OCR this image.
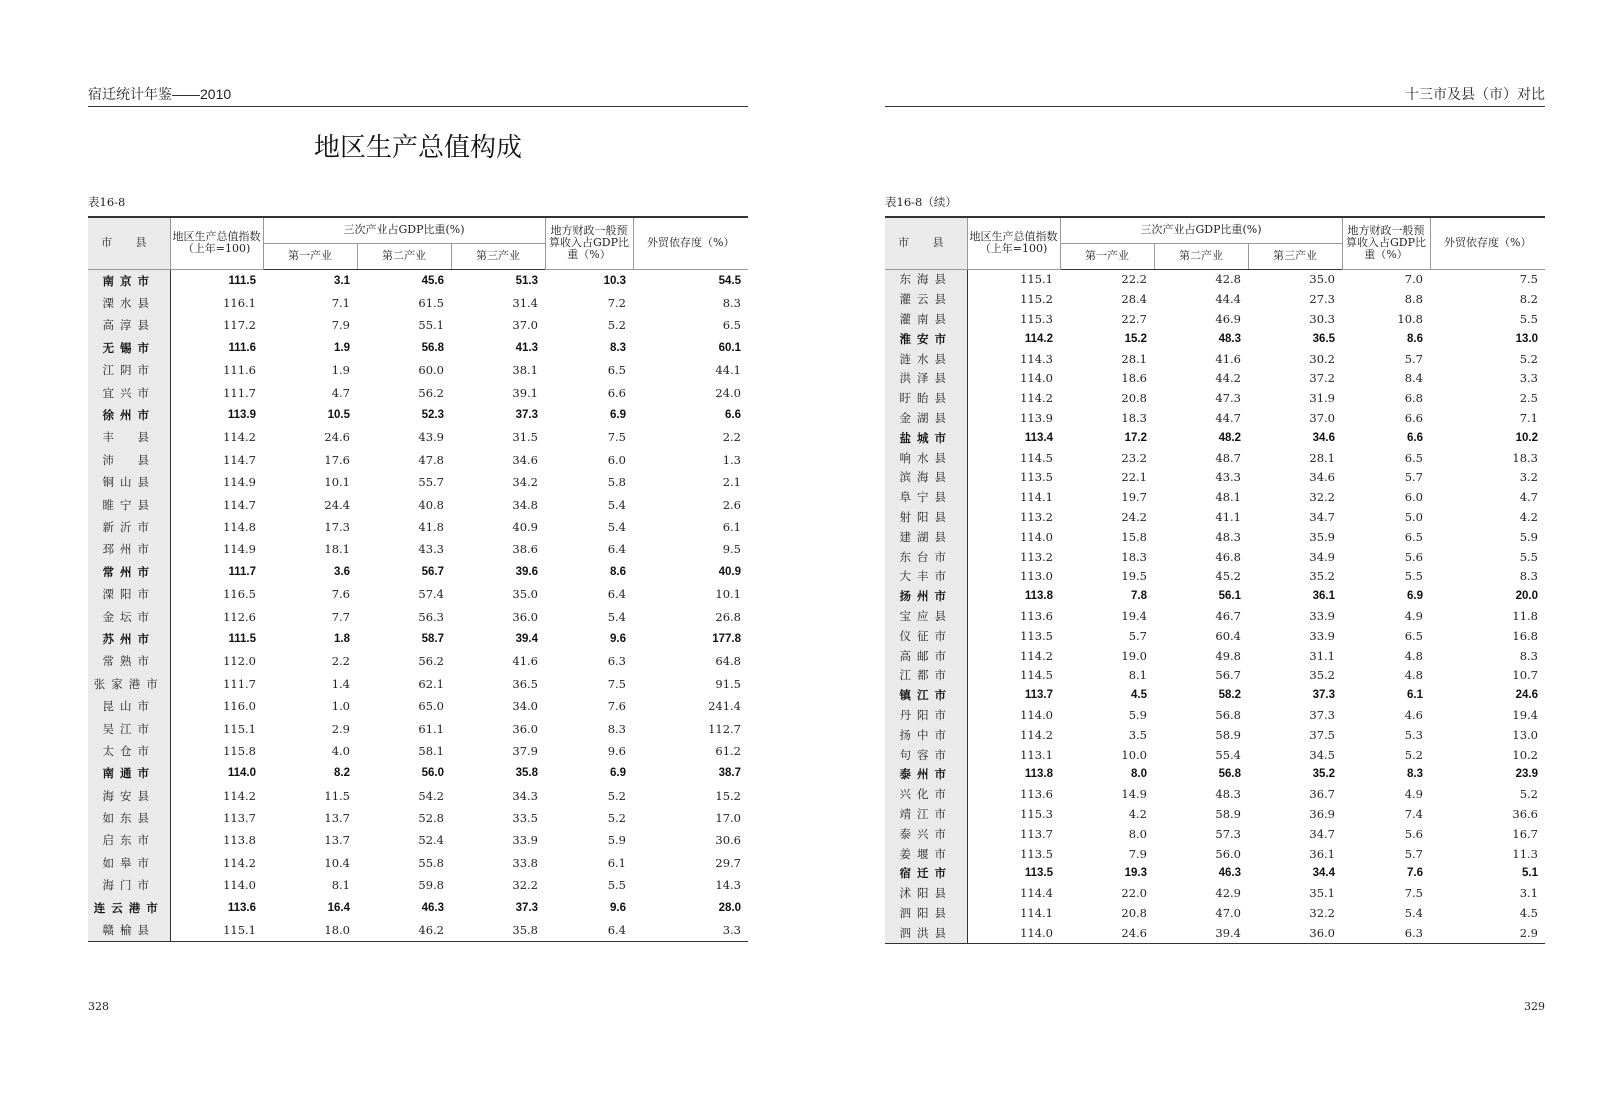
宿迁统计年鉴——2010
地区生产总值构成
表16-8
市 县	地区生产总值指数（上年=100)	三次产业占GDP比重(%)			地方财政一般预算收入占GDP比重（%）	外贸依存度（%）
		第一产业	第二产业	第三产业		
南京市	111.5	3.1	45.6	51.3	10.3	54.5
溧水县	116.1	7.1	61.5	31.4	7.2	8.3
高淳县	117.2	7.9	55.1	37.0	5.2	6.5
无锡市	111.6	1.9	56.8	41.3	8.3	60.1
江阴市	111.6	1.9	60.0	38.1	6.5	44.1
宜兴市	111.7	4.7	56.2	39.1	6.6	24.0
徐州市	113.9	10.5	52.3	37.3	6.9	6.6
丰　县	114.2	24.6	43.9	31.5	7.5	2.2
沛　县	114.7	17.6	47.8	34.6	6.0	1.3
铜山县	114.9	10.1	55.7	34.2	5.8	2.1
睢宁县	114.7	24.4	40.8	34.8	5.4	2.6
新沂市	114.8	17.3	41.8	40.9	5.4	6.1
邳州市	114.9	18.1	43.3	38.6	6.4	9.5
常州市	111.7	3.6	56.7	39.6	8.6	40.9
溧阳市	116.5	7.6	57.4	35.0	6.4	10.1
金坛市	112.6	7.7	56.3	36.0	5.4	26.8
苏州市	111.5	1.8	58.7	39.4	9.6	177.8
常熟市	112.0	2.2	56.2	41.6	6.3	64.8
张家港市	111.7	1.4	62.1	36.5	7.5	91.5
昆山市	116.0	1.0	65.0	34.0	7.6	241.4
吴江市	115.1	2.9	61.1	36.0	8.3	112.7
太仓市	115.8	4.0	58.1	37.9	9.6	61.2
南通市	114.0	8.2	56.0	35.8	6.9	38.7
海安县	114.2	11.5	54.2	34.3	5.2	15.2
如东县	113.7	13.7	52.8	33.5	5.2	17.0
启东市	113.8	13.7	52.4	33.9	5.9	30.6
如皋市	114.2	10.4	55.8	33.8	6.1	29.7
海门市	114.0	8.1	59.8	32.2	5.5	14.3
连云港市	113.6	16.4	46.3	37.3	9.6	28.0
赣榆县	115.1	18.0	46.2	35.8	6.4	3.3
328
十三市及县（市）对比
表16-8（续）
市 县	地区生产总值指数（上年=100)	三次产业占GDP比重(%)			地方财政一般预算收入占GDP比重（%）	外贸依存度（%）
		第一产业	第二产业	第三产业		
东海县	115.1	22.2	42.8	35.0	7.0	7.5
灌云县	115.2	28.4	44.4	27.3	8.8	8.2
灌南县	115.3	22.7	46.9	30.3	10.8	5.5
淮安市	114.2	15.2	48.3	36.5	8.6	13.0
涟水县	114.3	28.1	41.6	30.2	5.7	5.2
洪泽县	114.0	18.6	44.2	37.2	8.4	3.3
盱眙县	114.2	20.8	47.3	31.9	6.8	2.5
金湖县	113.9	18.3	44.7	37.0	6.6	7.1
盐城市	113.4	17.2	48.2	34.6	6.6	10.2
响水县	114.5	23.2	48.7	28.1	6.5	18.3
滨海县	113.5	22.1	43.3	34.6	5.7	3.2
阜宁县	114.1	19.7	48.1	32.2	6.0	4.7
射阳县	113.2	24.2	41.1	34.7	5.0	4.2
建湖县	114.0	15.8	48.3	35.9	6.5	5.9
东台市	113.2	18.3	46.8	34.9	5.6	5.5
大丰市	113.0	19.5	45.2	35.2	5.5	8.3
扬州市	113.8	7.8	56.1	36.1	6.9	20.0
宝应县	113.6	19.4	46.7	33.9	4.9	11.8
仪征市	113.5	5.7	60.4	33.9	6.5	16.8
高邮市	114.2	19.0	49.8	31.1	4.8	8.3
江都市	114.5	8.1	56.7	35.2	4.8	10.7
镇江市	113.7	4.5	58.2	37.3	6.1	24.6
丹阳市	114.0	5.9	56.8	37.3	4.6	19.4
扬中市	114.2	3.5	58.9	37.5	5.3	13.0
句容市	113.1	10.0	55.4	34.5	5.2	10.2
泰州市	113.8	8.0	56.8	35.2	8.3	23.9
兴化市	113.6	14.9	48.3	36.7	4.9	5.2
靖江市	115.3	4.2	58.9	36.9	7.4	36.6
泰兴市	113.7	8.0	57.3	34.7	5.6	16.7
姜堰市	113.5	7.9	56.0	36.1	5.7	11.3
宿迁市	113.5	19.3	46.3	34.4	7.6	5.1
沭阳县	114.4	22.0	42.9	35.1	7.5	3.1
泗阳县	114.1	20.8	47.0	32.2	5.4	4.5
泗洪县	114.0	24.6	39.4	36.0	6.3	2.9
329
